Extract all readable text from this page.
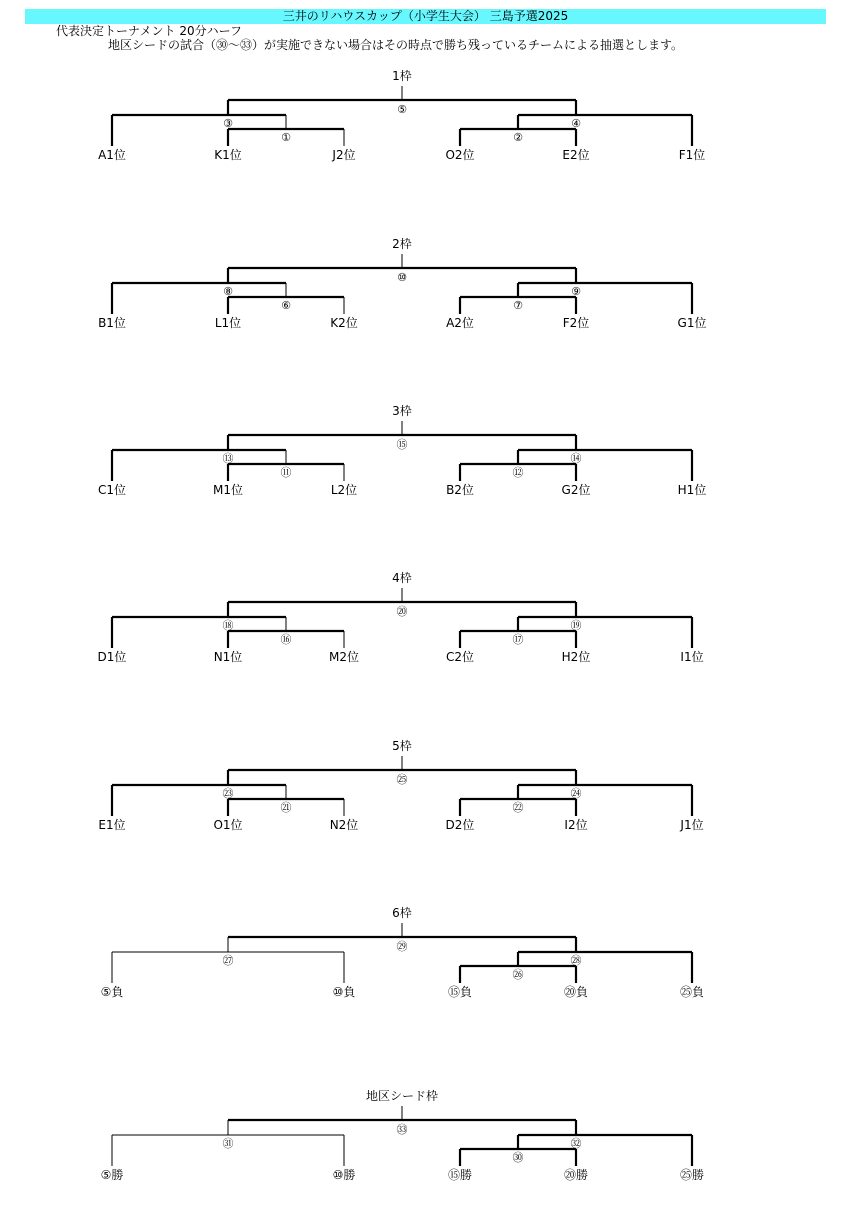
三井のリハウスカップ（小学生大会） 三島予選2025
代表決定トーナメント 20分ハーフ
地区シードの試合（㉚～㉝）が実施できない場合はその時点で勝ち残っているチームによる抽選とします。
1枠
⑤
③
①	②
④
A1位	K1位	J2位	O2位	E2位	F1位
2枠
⑩
⑧
⑥	⑦
⑨
B1位	L1位	K2位	A2位	F2位	G1位
3枠
⑮
⑬
⑪	⑫
⑭
C1位	M1位	L2位	B2位	G2位	H1位
4枠
⑳
⑱
⑯	⑰
⑲
D1位	N1位	M2位	C2位	H2位	I1位
5枠
㉕
㉓
㉑	㉒
㉔
E1位	O1位	N2位	D2位	I2位	J1位
6枠
㉙
㉗
㉖
㉘
⑤負	⑩負	⑮負	⑳負	㉕負
地区シード枠
㉝
㉛
㉚
㉜
⑤勝	⑩勝	⑮勝	⑳勝	㉕勝
